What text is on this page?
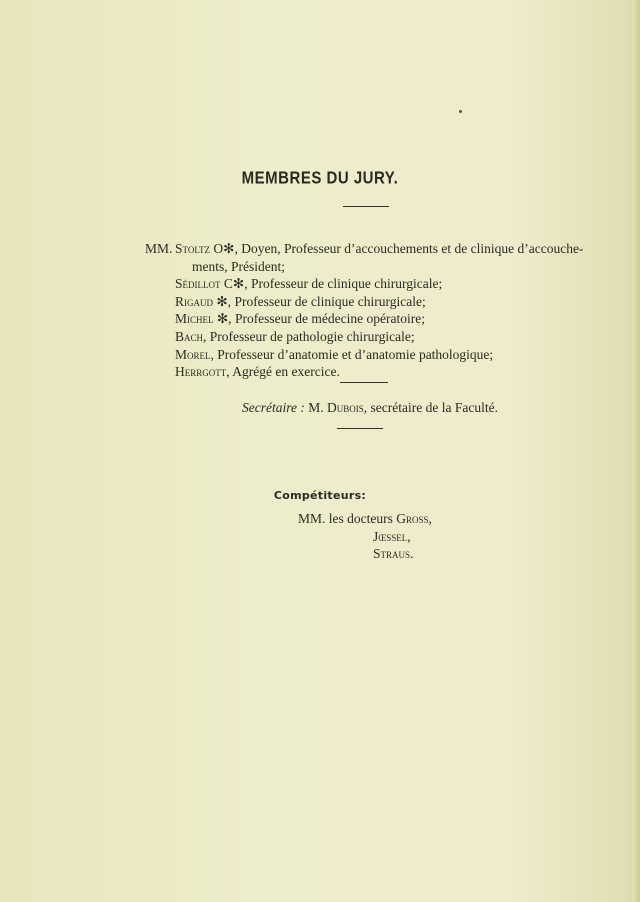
MEMBRES DU JURY.
MM. Stoltz O✻, Doyen, Professeur d’accouchements et de clinique d’accouche-
ments, Président;
Sédillot C✻, Professeur de clinique chirurgicale;
Rigaud ✻, Professeur de clinique chirurgicale;
Michel ✻, Professeur de médecine opératoire;
Bach, Professeur de pathologie chirurgicale;
Morel, Professeur d’anatomie et d’anatomie pathologique;
Herrgott, Agrégé en exercice.
Secrétaire : M. Dubois, secrétaire de la Faculté.
Compétiteurs:
MM. les docteurs Gross,
Jœssel,
Straus.
